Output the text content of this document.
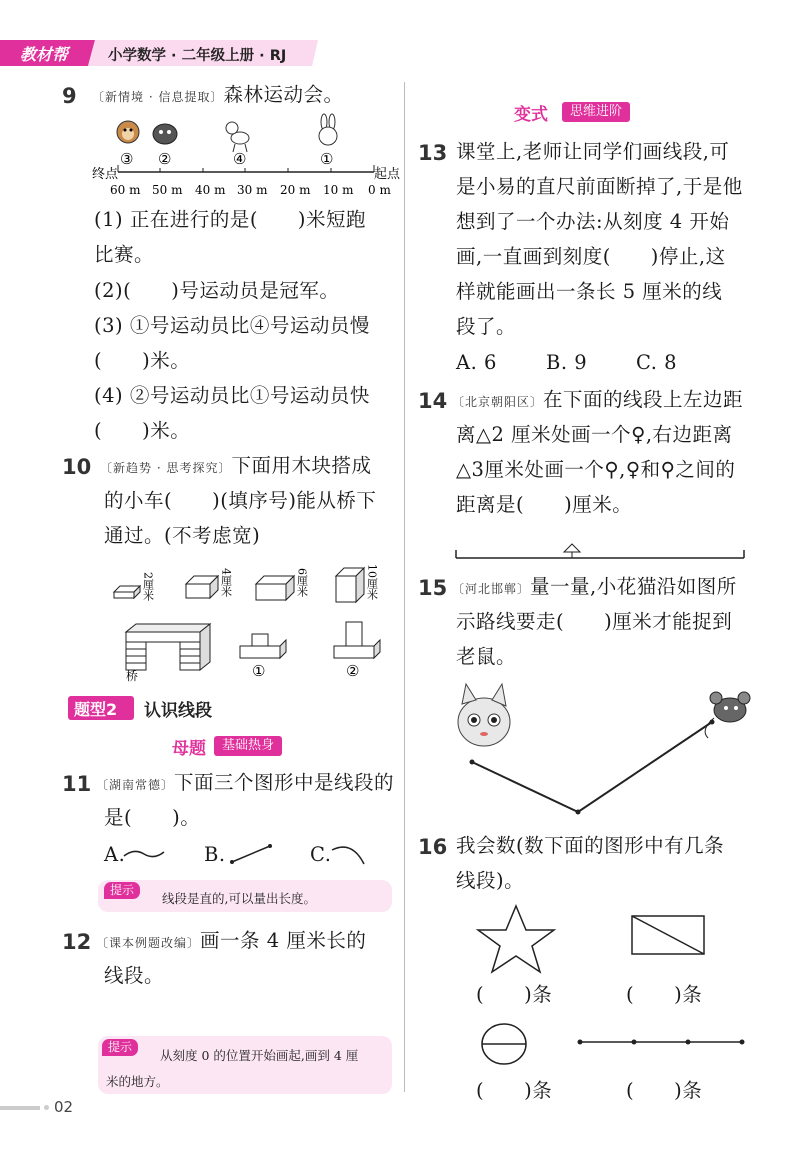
教材帮	小学数学 · 二年级上册 · RJ
9 〔新情境 · 信息提取〕森林运动会。
③ ②	④	①
终点	起点
60 m 50 m 40 m 30 m 20 m 10 m 0 m
(1) 正在进行的是(　　)米短跑
比赛。
(2)(　　)号运动员是冠军。
(3) ①号运动员比④号运动员慢
(　　)米。
(4) ②号运动员比①号运动员快
(　　)米。
10 〔新趋势 · 思考探究〕下面用木块搭成
的小车(　　)(填序号)能从桥下
通过。(不考虑宽)
2厘米	4厘米	6厘米	10厘米
桥	①	②
题型2 认识线段
母题	基础热身
11 〔湖南常德〕下面三个图形中是线段的
是(　　)。
A.	B.	C.
提示
线段是直的,可以量出长度。
12 〔课本例题改编〕画一条 4 厘米长的
线段。
提示
从刻度 0 的位置开始画起,画到 4 厘
米的地方。
变式	思维进阶
13 课堂上,老师让同学们画线段,可
是小易的直尺前面断掉了,于是他
想到了一个办法:从刻度 4 开始
画,一直画到刻度(　　)停止,这
样就能画出一条长 5 厘米的线
段了。
A. 6	B. 9	C. 8
14 〔北京朝阳区〕在下面的线段上左边距
离△2 厘米处画一个♀,右边距离
△3厘米处画一个⚲,♀和⚲之间的
距离是(　　)厘米。
15 〔河北邯郸〕量一量,小花猫沿如图所
示路线要走(　　)厘米才能捉到
老鼠。
16 我会数(数下面的图形中有几条
线段)。
(　　)条	(　　)条
(　　)条	(　　)条
02
